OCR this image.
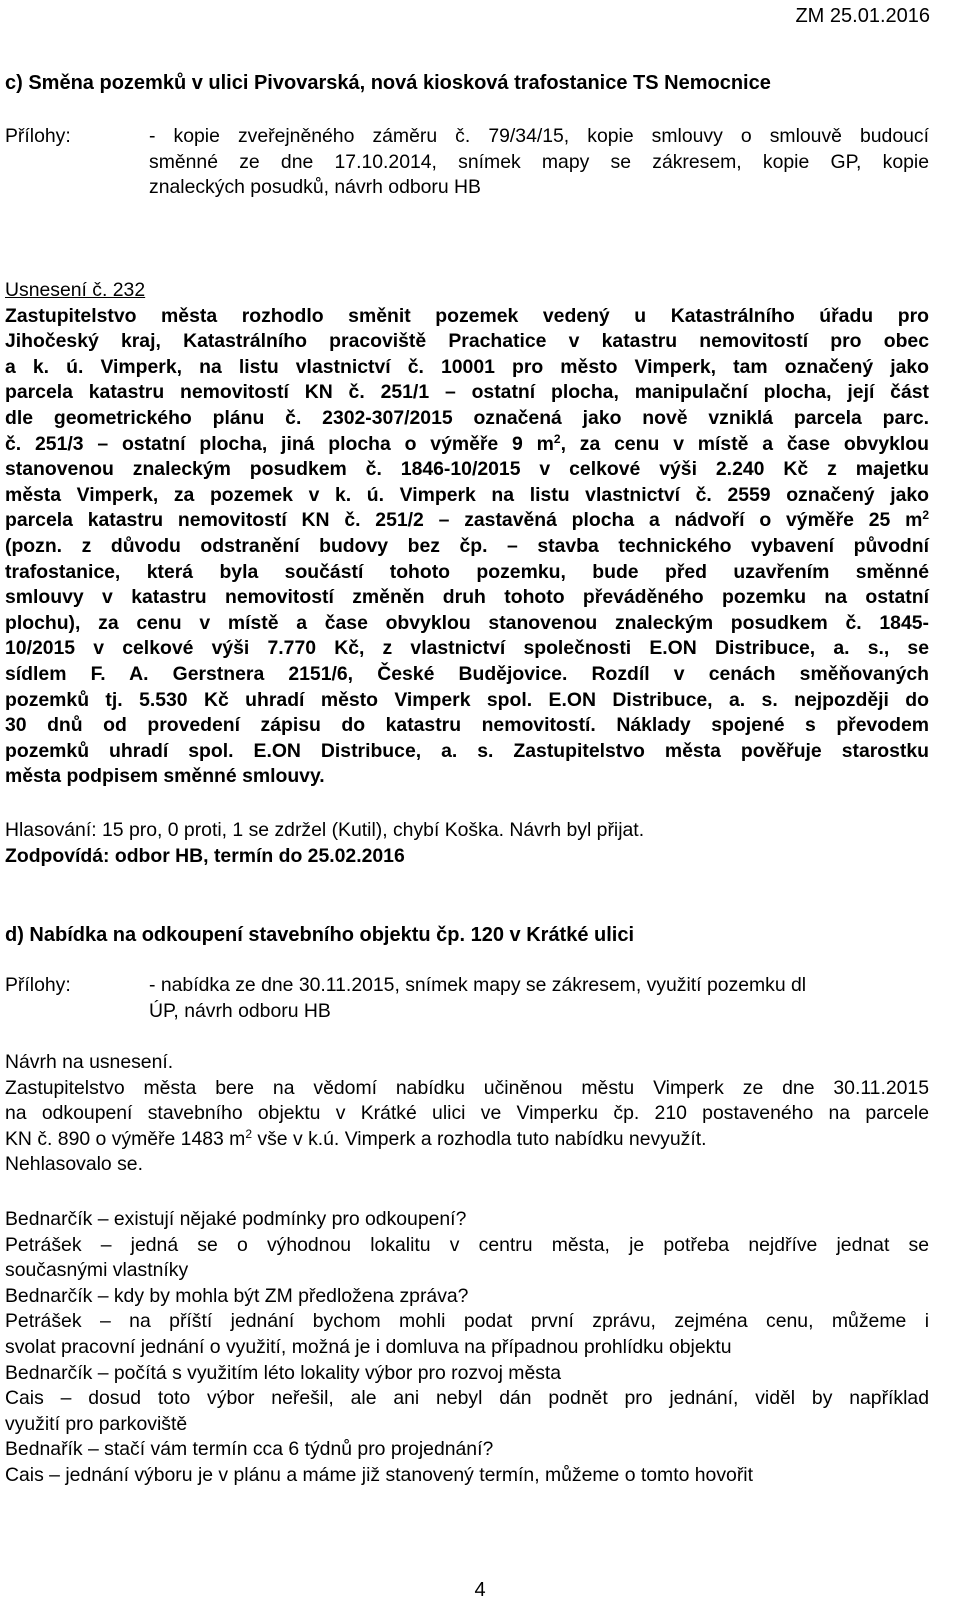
ZM 25.01.2016
c) Směna pozemků v ulici Pivovarská, nová kiosková trafostanice TS Nemocnice
Přílohy:	- kopie zveřejněného záměru č. 79/34/15, kopie smlouvy o smlouvě budoucí
směnné ze dne 17.10.2014, snímek mapy se zákresem, kopie GP, kopie
znaleckých posudků, návrh odboru HB
Usnesení č. 232
Zastupitelstvo města rozhodlo směnit pozemek vedený u Katastrálního úřadu pro
Jihočeský kraj, Katastrálního pracoviště Prachatice v katastru nemovitostí pro obec
a k. ú. Vimperk, na listu vlastnictví č. 10001 pro město Vimperk, tam označený jako
parcela katastru nemovitostí KN č. 251/1 – ostatní plocha, manipulační plocha, její část
dle geometrického plánu č. 2302-307/2015 označená jako nově vzniklá parcela parc.
č. 251/3 – ostatní plocha, jiná plocha o výměře 9 $m^2$, za cenu v místě a čase obvyklou
stanovenou znaleckým posudkem č. 1846-10/2015 v celkové výši 2.240 Kč z majetku
města Vimperk, za pozemek v k. ú. Vimperk na listu vlastnictví č. 2559 označený jako
parcela katastru nemovitostí KN č. 251/2 – zastavěná plocha a nádvoří o výměře 25 $m^2$
(pozn. z důvodu odstranění budovy bez čp. – stavba technického vybavení původní
trafostanice, která byla součástí tohoto pozemku, bude před uzavřením směnné
smlouvy v katastru nemovitostí změněn druh tohoto převáděného pozemku na ostatní
plochu), za cenu v místě a čase obvyklou stanovenou znaleckým posudkem č. 1845-
10/2015 v celkové výši 7.770 Kč, z vlastnictví společnosti E.ON Distribuce, a. s., se
sídlem F. A. Gerstnera 2151/6, České Budějovice. Rozdíl v cenách směňovaných
pozemků tj. 5.530 Kč uhradí město Vimperk spol. E.ON Distribuce, a. s. nejpozději do
30 dnů od provedení zápisu do katastru nemovitostí. Náklady spojené s převodem
pozemků uhradí spol. E.ON Distribuce, a. s. Zastupitelstvo města pověřuje starostku
města podpisem směnné smlouvy.
Hlasování: 15 pro, 0 proti, 1 se zdržel (Kutil), chybí Koška. Návrh byl přijat.
Zodpovídá: odbor HB, termín do 25.02.2016
d) Nabídka na odkoupení stavebního objektu čp. 120 v Krátké ulici
Přílohy:	- nabídka ze dne 30.11.2015, snímek mapy se zákresem, využití pozemku dl
ÚP, návrh odboru HB
Návrh na usnesení.
Zastupitelstvo města bere na vědomí nabídku učiněnou městu Vimperk ze dne 30.11.2015
na odkoupení stavebního objektu v Krátké ulici ve Vimperku čp. 210 postaveného na parcele
KN č. 890 o výměře 1483 $m^2$ vše v k.ú. Vimperk a rozhodla tuto nabídku nevyužít.
Nehlasovalo se.
Bednarčík – existují nějaké podmínky pro odkoupení?
Petrášek – jedná se o výhodnou lokalitu v centru města, je potřeba nejdříve jednat se
současnými vlastníky
Bednarčík – kdy by mohla být ZM předložena zpráva?
Petrášek – na příští jednání bychom mohli podat první zprávu, zejména cenu, můžeme i
svolat pracovní jednání o využití, možná je i domluva na případnou prohlídku objektu
Bednarčík – počítá s využitím léto lokality výbor pro rozvoj města
Cais – dosud toto výbor neřešil, ale ani nebyl dán podnět pro jednání, viděl by například
využití pro parkoviště
Bednařík – stačí vám termín cca 6 týdnů pro projednání?
Cais – jednání výboru je v plánu a máme již stanovený termín, můžeme o tomto hovořit
4
